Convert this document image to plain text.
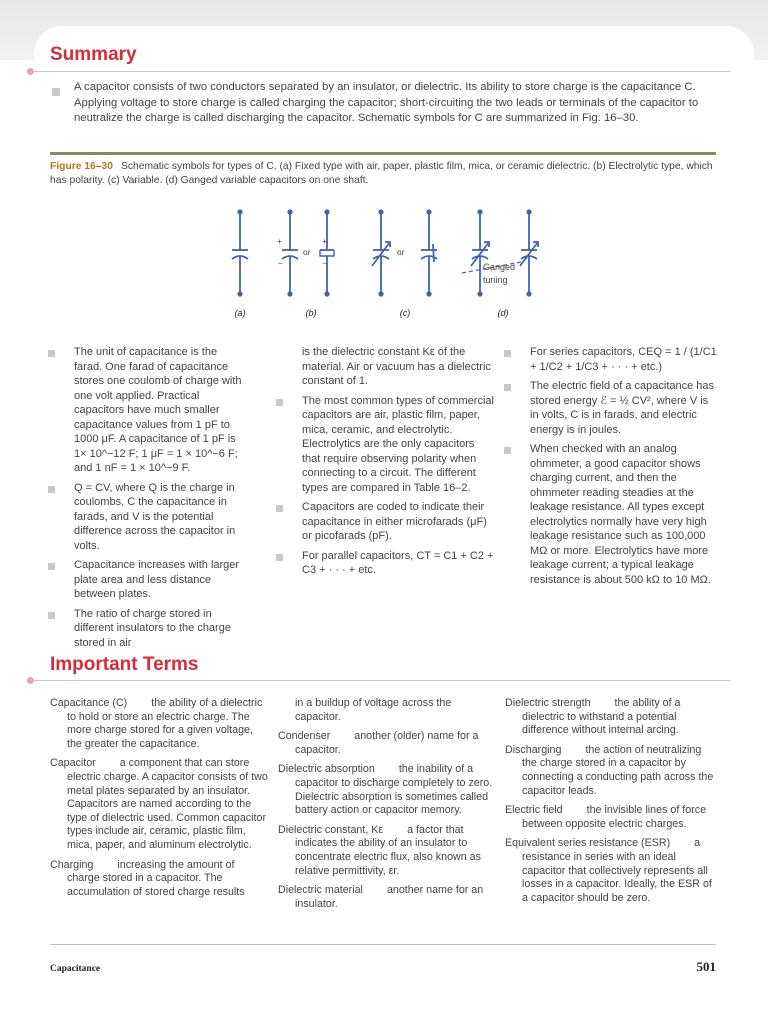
Summary
A capacitor consists of two conductors separated by an insulator, or dielectric. Its ability to store charge is the capacitance C. Applying voltage to store charge is called charging the capacitor; short-circuiting the two leads or terminals of the capacitor to neutralize the charge is called discharging the capacitor. Schematic symbols for C are summarized in Fig. 16–30.
Figure 16–30 Schematic symbols for types of C. (a) Fixed type with air, paper, plastic film, mica, or ceramic dielectric. (b) Electrolytic type, which has polarity. (c) Variable. (d) Ganged variable capacitors on one shaft.
+
−
+
−
or	or
Ganged
tuning
(a)	(b)	(c)	(d)
The unit of capacitance is the farad. One farad of capacitance stores one coulomb of charge with one volt applied. Practical capacitors have much smaller capacitance values from 1 pF to 1000 μF. A capacitance of 1 pF is 1× 10^−12 F; 1 μF = 1 × 10^−6 F; and 1 nF = 1 × 10^−9 F.
Q = CV, where Q is the charge in coulombs, C the capacitance in farads, and V is the potential difference across the capacitor in volts.
Capacitance increases with larger plate area and less distance between plates.
The ratio of charge stored in different insulators to the charge stored in air
is the dielectric constant Kε of the material. Air or vacuum has a dielectric constant of 1.
The most common types of commercial capacitors are air, plastic film, paper, mica, ceramic, and electrolytic. Electrolytics are the only capacitors that require observing polarity when connecting to a circuit. The different types are compared in Table 16–2.
Capacitors are coded to indicate their capacitance in either microfarads (μF) or picofarads (pF).
For parallel capacitors, CT = C1 + C2 + C3 + · · · + etc.
For series capacitors, CEQ = 1 / (1/C1 + 1/C2 + 1/C3 + · · · + etc.)
The electric field of a capacitance has stored energy ℰ = ½ CV², where V is in volts, C is in farads, and electric energy is in joules.
When checked with an analog ohmmeter, a good capacitor shows charging current, and then the ohmmeter reading steadies at the leakage resistance. All types except electrolytics normally have very high leakage resistance such as 100,000 MΩ or more. Electrolytics have more leakage current; a typical leakage resistance is about 500 kΩ to 10 MΩ.
Important Terms
Capacitance (C) the ability of a dielectric to hold or store an electric charge. The more charge stored for a given voltage, the greater the capacitance.
Capacitor a component that can store electric charge. A capacitor consists of two metal plates separated by an insulator. Capacitors are named according to the type of dielectric used. Common capacitor types include air, ceramic, plastic film, mica, paper, and aluminum electrolytic.
Charging increasing the amount of charge stored in a capacitor. The accumulation of stored charge results
in a buildup of voltage across the capacitor.
Condenser another (older) name for a capacitor.
Dielectric absorption the inability of a capacitor to discharge completely to zero. Dielectric absorption is sometimes called battery action or capacitor memory.
Dielectric constant, Kε a factor that indicates the ability of an insulator to concentrate electric flux, also known as relative permittivity, εr.
Dielectric material another name for an insulator.
Dielectric strength the ability of a dielectric to withstand a potential difference without internal arcing.
Discharging the action of neutralizing the charge stored in a capacitor by connecting a conducting path across the capacitor leads.
Electric field the invisible lines of force between opposite electric charges.
Equivalent series resistance (ESR) a resistance in series with an ideal capacitor that collectively represents all losses in a capacitor. Ideally, the ESR of a capacitor should be zero.
Capacitance	501
